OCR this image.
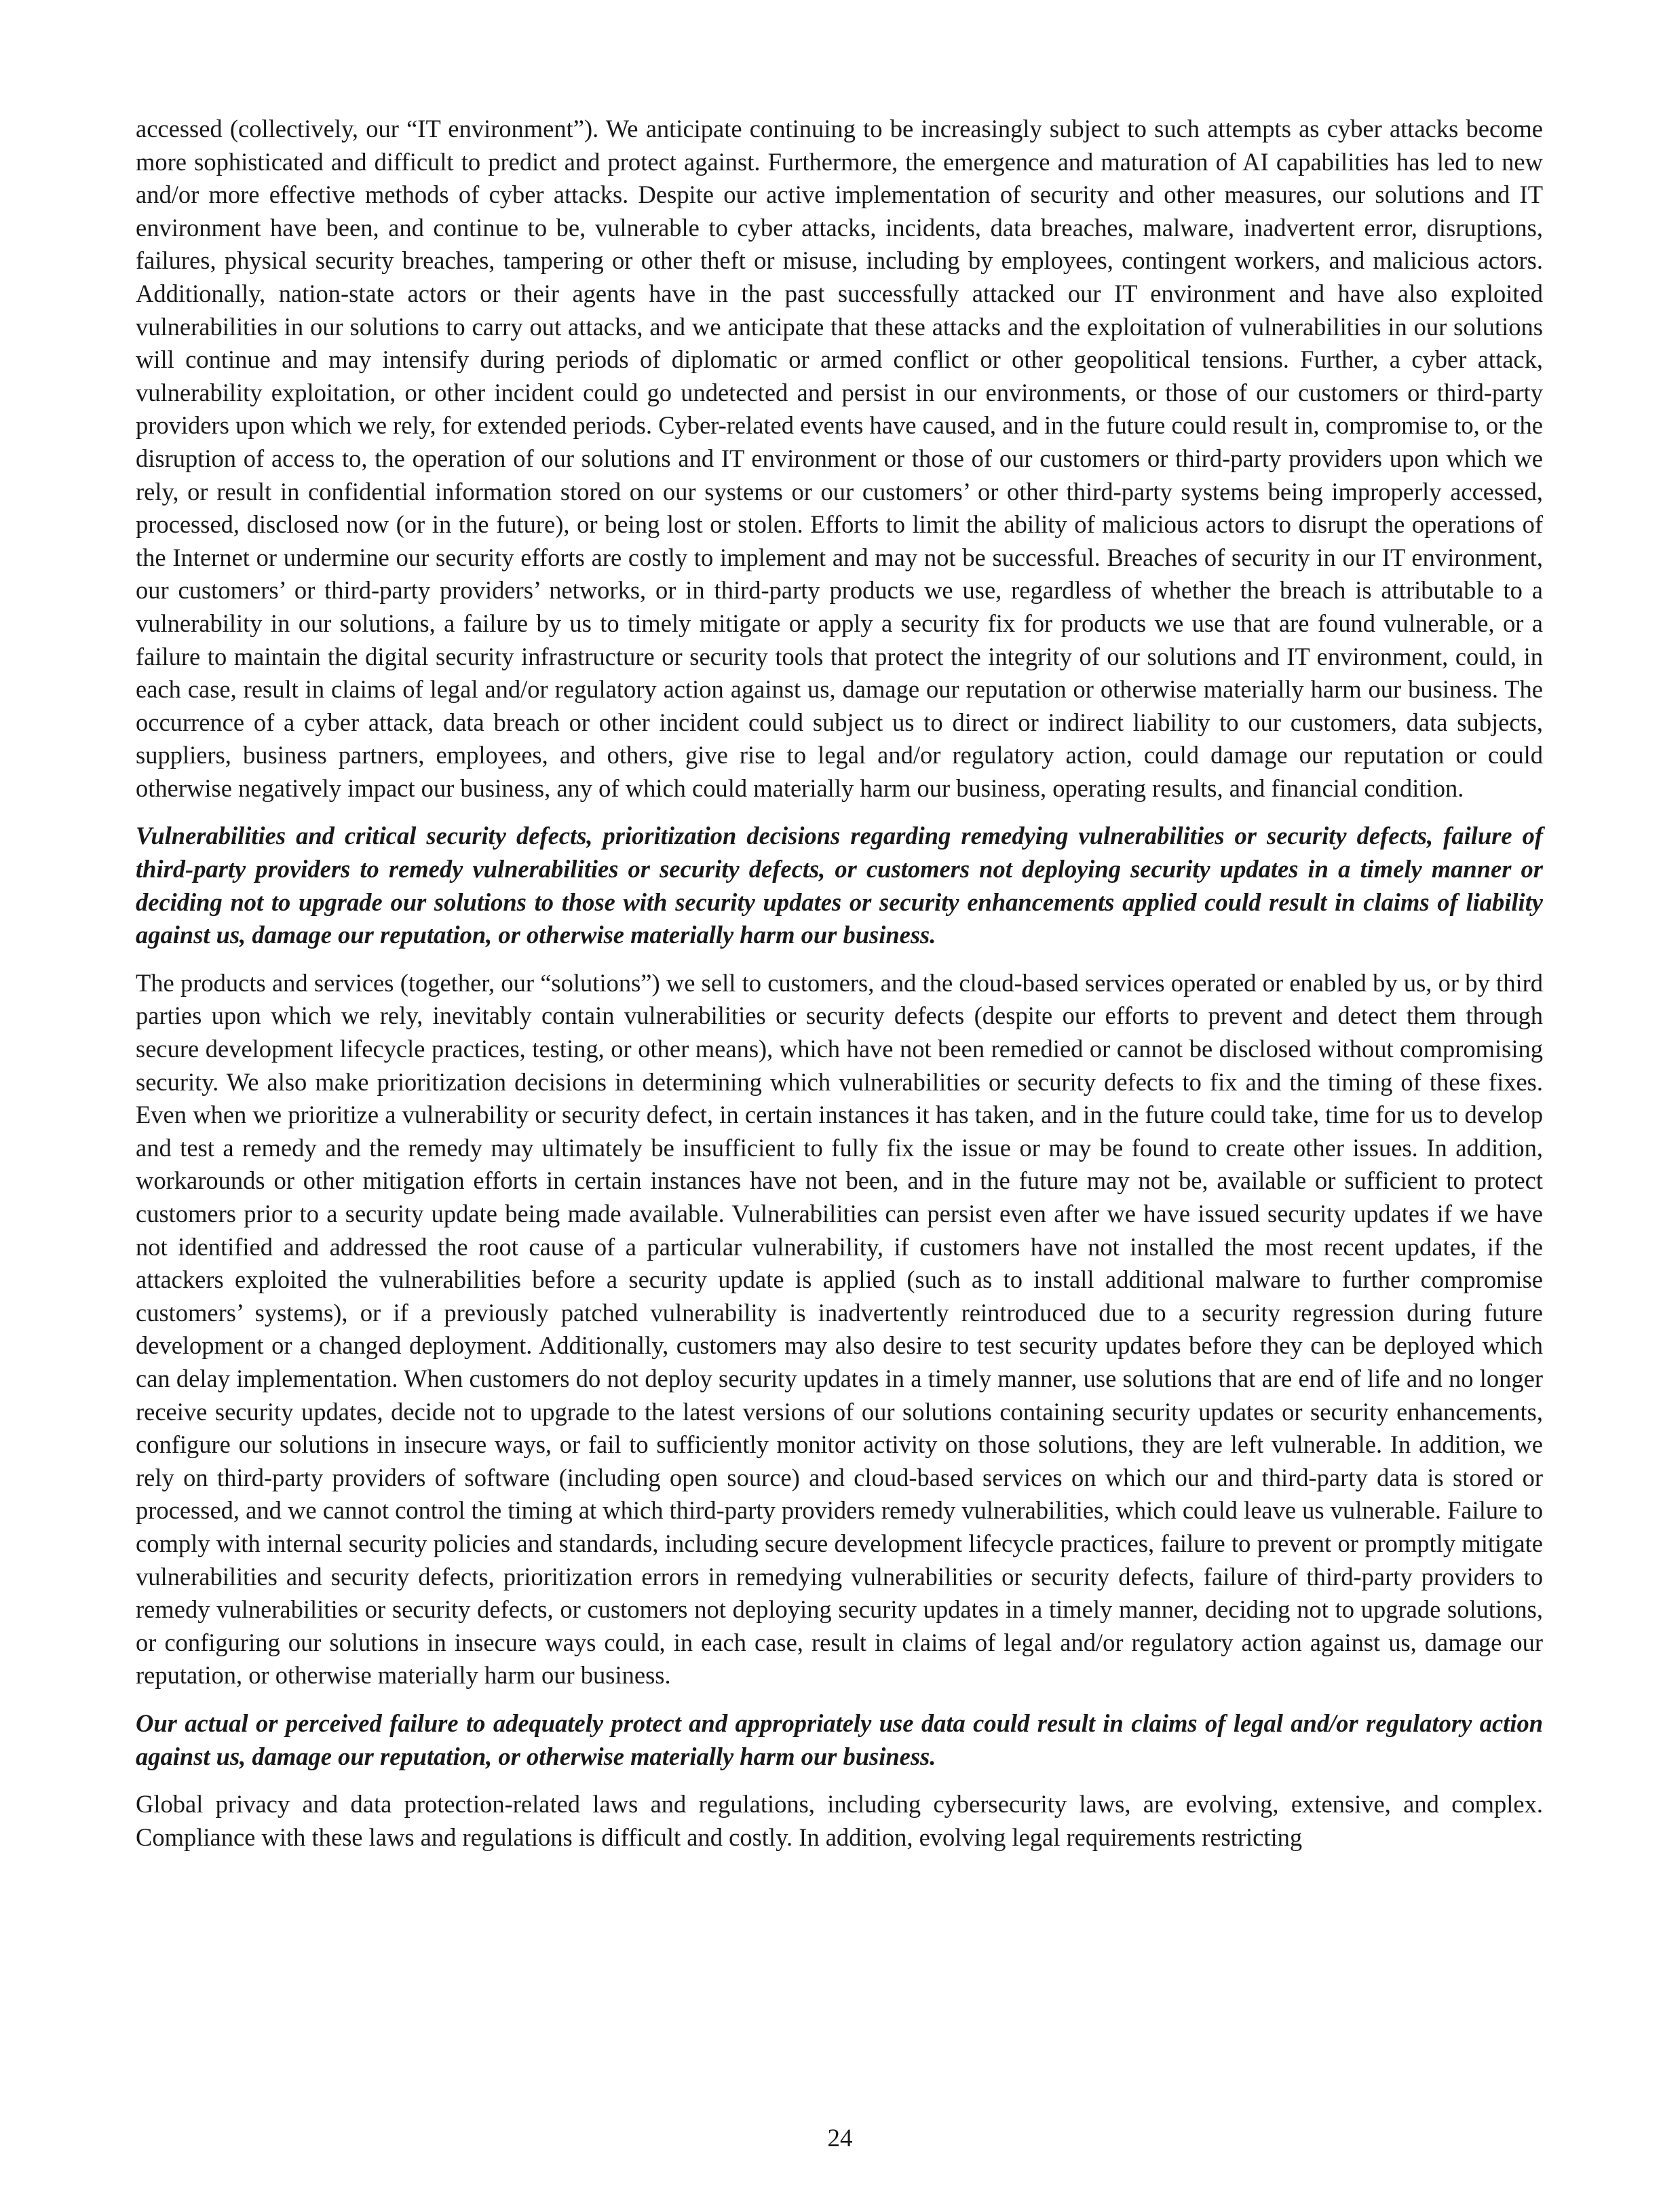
accessed (collectively, our “IT environment”). We anticipate continuing to be increasingly subject to such attempts as cyber attacks become more sophisticated and difficult to predict and protect against. Furthermore, the emergence and maturation of AI capabilities has led to new and/or more effective methods of cyber attacks. Despite our active implementation of security and other measures, our solutions and IT environment have been, and continue to be, vulnerable to cyber attacks, incidents, data breaches, malware, inadvertent error, disruptions, failures, physical security breaches, tampering or other theft or misuse, including by employees, contingent workers, and malicious actors. Additionally, nation-state actors or their agents have in the past successfully attacked our IT environment and have also exploited vulnerabilities in our solutions to carry out attacks, and we anticipate that these attacks and the exploitation of vulnerabilities in our solutions will continue and may intensify during periods of diplomatic or armed conflict or other geopolitical tensions. Further, a cyber attack, vulnerability exploitation, or other incident could go undetected and persist in our environments, or those of our customers or third-party providers upon which we rely, for extended periods. Cyber-related events have caused, and in the future could result in, compromise to, or the disruption of access to, the operation of our solutions and IT environment or those of our customers or third-party providers upon which we rely, or result in confidential information stored on our systems or our customers’ or other third-party systems being improperly accessed, processed, disclosed now (or in the future), or being lost or stolen. Efforts to limit the ability of malicious actors to disrupt the operations of the Internet or undermine our security efforts are costly to implement and may not be successful. Breaches of security in our IT environment, our customers’ or third-party providers’ networks, or in third-party products we use, regardless of whether the breach is attributable to a vulnerability in our solutions, a failure by us to timely mitigate or apply a security fix for products we use that are found vulnerable, or a failure to maintain the digital security infrastructure or security tools that protect the integrity of our solutions and IT environment, could, in each case, result in claims of legal and/or regulatory action against us, damage our reputation or otherwise materially harm our business. The occurrence of a cyber attack, data breach or other incident could subject us to direct or indirect liability to our customers, data subjects, suppliers, business partners, employees, and others, give rise to legal and/or regulatory action, could damage our reputation or could otherwise negatively impact our business, any of which could materially harm our business, operating results, and financial condition.

Vulnerabilities and critical security defects, prioritization decisions regarding remedying vulnerabilities or security defects, failure of third-party providers to remedy vulnerabilities or security defects, or customers not deploying security updates in a timely manner or deciding not to upgrade our solutions to those with security updates or security enhancements applied could result in claims of liability against us, damage our reputation, or otherwise materially harm our business.

The products and services (together, our “solutions”) we sell to customers, and the cloud-based services operated or enabled by us, or by third parties upon which we rely, inevitably contain vulnerabilities or security defects (despite our efforts to prevent and detect them through secure development lifecycle practices, testing, or other means), which have not been remedied or cannot be disclosed without compromising security. We also make prioritization decisions in determining which vulnerabilities or security defects to fix and the timing of these fixes. Even when we prioritize a vulnerability or security defect, in certain instances it has taken, and in the future could take, time for us to develop and test a remedy and the remedy may ultimately be insufficient to fully fix the issue or may be found to create other issues. In addition, workarounds or other mitigation efforts in certain instances have not been, and in the future may not be, available or sufficient to protect customers prior to a security update being made available. Vulnerabilities can persist even after we have issued security updates if we have not identified and addressed the root cause of a particular vulnerability, if customers have not installed the most recent updates, if the attackers exploited the vulnerabilities before a security update is applied (such as to install additional malware to further compromise customers’ systems), or if a previously patched vulnerability is inadvertently reintroduced due to a security regression during future development or a changed deployment. Additionally, customers may also desire to test security updates before they can be deployed which can delay implementation. When customers do not deploy security updates in a timely manner, use solutions that are end of life and no longer receive security updates, decide not to upgrade to the latest versions of our solutions containing security updates or security enhancements, configure our solutions in insecure ways, or fail to sufficiently monitor activity on those solutions, they are left vulnerable. In addition, we rely on third-party providers of software (including open source) and cloud-based services on which our and third-party data is stored or processed, and we cannot control the timing at which third-party providers remedy vulnerabilities, which could leave us vulnerable. Failure to comply with internal security policies and standards, including secure development lifecycle practices, failure to prevent or promptly mitigate vulnerabilities and security defects, prioritization errors in remedying vulnerabilities or security defects, failure of third-party providers to remedy vulnerabilities or security defects, or customers not deploying security updates in a timely manner, deciding not to upgrade solutions, or configuring our solutions in insecure ways could, in each case, result in claims of legal and/or regulatory action against us, damage our reputation, or otherwise materially harm our business.

Our actual or perceived failure to adequately protect and appropriately use data could result in claims of legal and/or regulatory action against us, damage our reputation, or otherwise materially harm our business.

Global privacy and data protection-related laws and regulations, including cybersecurity laws, are evolving, extensive, and complex. Compliance with these laws and regulations is difficult and costly. In addition, evolving legal requirements restricting

24
